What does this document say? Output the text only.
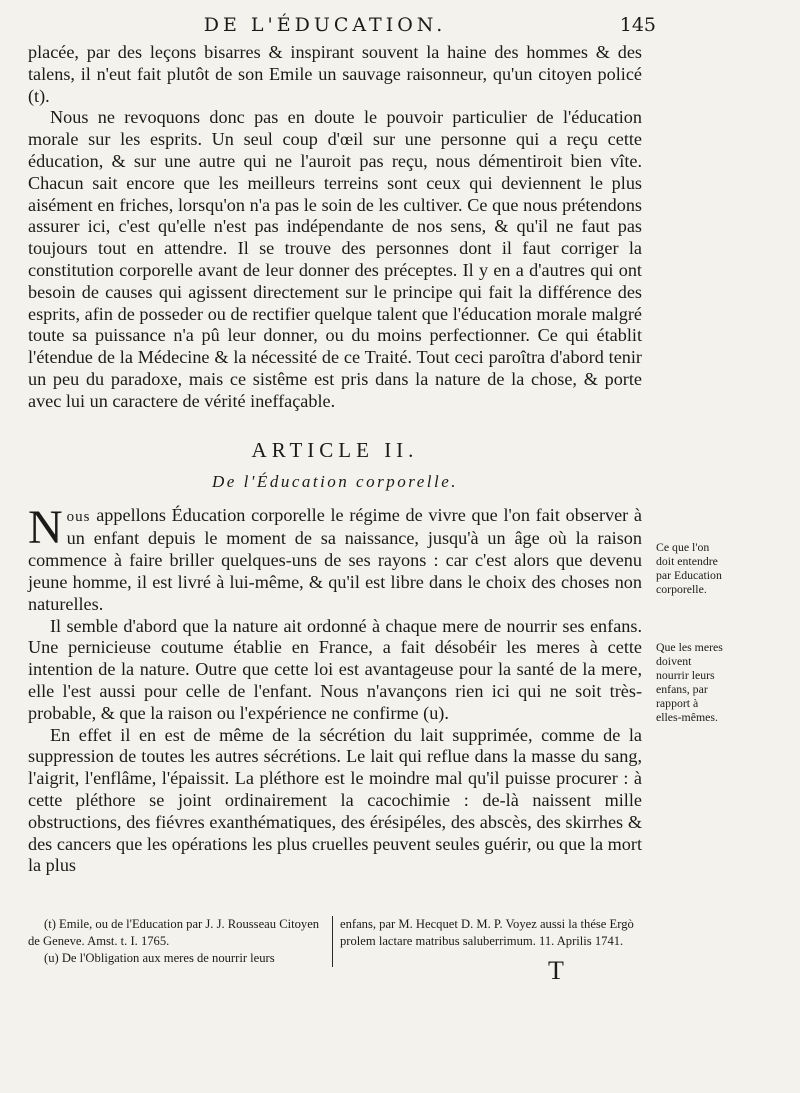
DE L'ÉDUCATION.	145

placée, par des leçons bisarres & inspirant souvent la haine des hommes & des talens, il n'eut fait plutôt de son Emile un sauvage raisonneur, qu'un citoyen policé (t).

Nous ne revoquons donc pas en doute le pouvoir particulier de l'éducation morale sur les esprits. Un seul coup d'œil sur une personne qui a reçu cette éducation, & sur une autre qui ne l'auroit pas reçu, nous démentiroit bien vîte. Chacun sait encore que les meilleurs terreins sont ceux qui deviennent le plus aisément en friches, lorsqu'on n'a pas le soin de les cultiver. Ce que nous prétendons assurer ici, c'est qu'elle n'est pas indépendante de nos sens, & qu'il ne faut pas toujours tout en attendre. Il se trouve des personnes dont il faut corriger la constitution corporelle avant de leur donner des préceptes. Il y en a d'autres qui ont besoin de causes qui agissent directement sur le principe qui fait la différence des esprits, afin de posseder ou de rectifier quelque talent que l'éducation morale malgré toute sa puissance n'a pû leur donner, ou du moins perfectionner. Ce qui établit l'étendue de la Médecine & la nécessité de ce Traité. Tout ceci paroîtra d'abord tenir un peu du paradoxe, mais ce sistême est pris dans la nature de la chose, & porte avec lui un caractere de vérité ineffaçable.

ARTICLE II.
De l'Éducation corporelle.
N ous appellons Éducation corporelle le régime de vivre que l'on fait observer à un enfant depuis le moment de sa naissance, jusqu'à un âge où la raison commence à faire briller quelques-uns de ses rayons : car c'est alors que devenu jeune homme, il est livré à lui-même, & qu'il est libre dans le choix des choses non naturelles.

Il semble d'abord que la nature ait ordonné à chaque mere de nourrir ses enfans. Une pernicieuse coutume établie en France, a fait désobéir les meres à cette intention de la nature. Outre que cette loi est avantageuse pour la santé de la mere, elle l'est aussi pour celle de l'enfant. Nous n'avançons rien ici qui ne soit très-probable, & que la raison ou l'expérience ne confirme (u).

En effet il en est de même de la sécrétion du lait supprimée, comme de la suppression de toutes les autres sécrétions. Le lait qui reflue dans la masse du sang, l'aigrit, l'enflâme, l'épaissit. La pléthore est le moindre mal qu'il puisse procurer : à cette pléthore se joint ordinairement la cacochimie : de-là naissent mille obstructions, des fiévres exanthématiques, des érésipéles, des abscès, des skirrhes & des cancers que les opérations les plus cruelles peuvent seules guérir, ou que la mort la plus

Ce que l'on doit entendre par Education corporelle.
Que les meres doivent nourrir leurs enfans, par rapport à elles-mêmes.

(t) Emile, ou de l'Education par J. J. Rousseau Citoyen de Geneve. Amst. t. I. 1765.

(u) De l'Obligation aux meres de nourrir leurs

enfans, par M. Hecquet D. M. P. Voyez aussi la thése Ergò prolem lactare matribus saluberrimum. 11. Aprilis 1741.

T
